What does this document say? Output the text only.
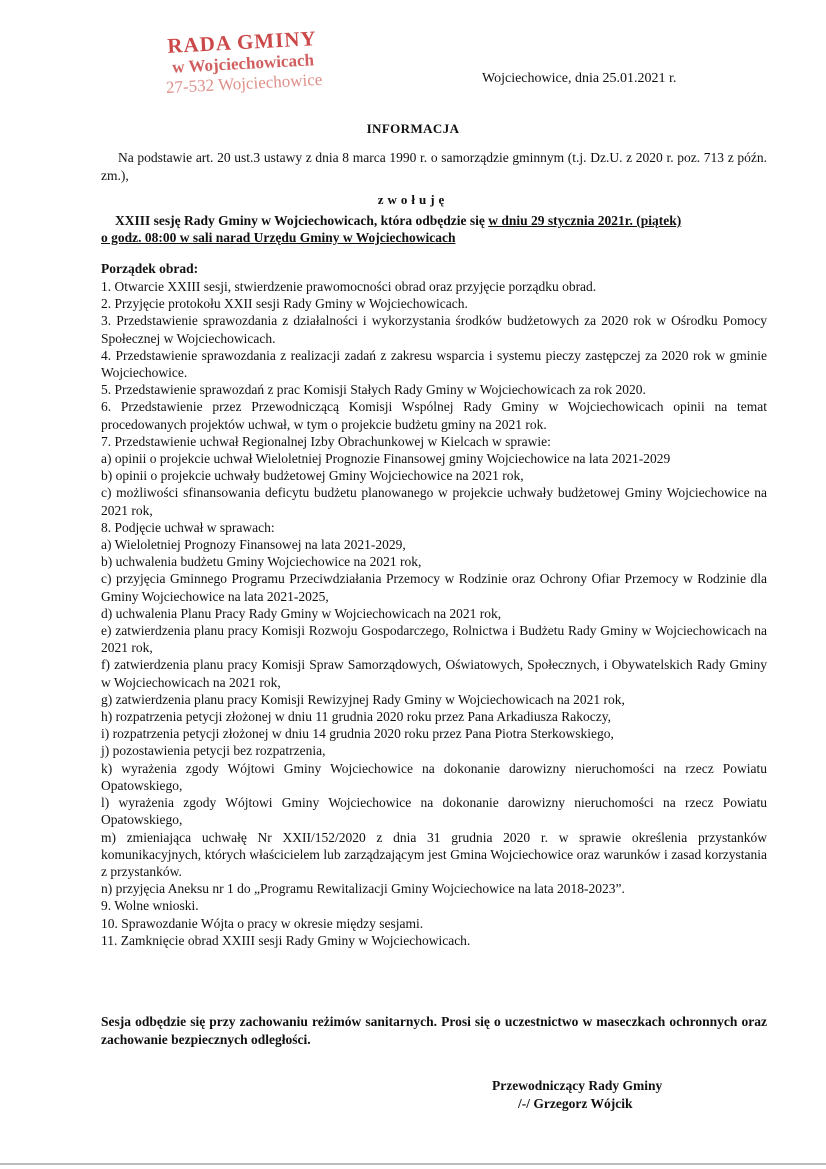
RADA GMINY
w Wojciechowicach
27-532 Wojciechowice	Wojciechowice, dnia 25.01.2021 r.
INFORMACJA
Na podstawie art. 20 ust.3 ustawy z dnia 8 marca 1990 r. o samorządzie gminnym (t.j. Dz.U. z 2020 r. poz. 713 z późn. zm.),
zwołuję
XXIII sesję Rady Gminy w Wojciechowicach, która odbędzie się w dniu 29 stycznia 2021r. (piątek)
o godz. 08:00 w sali narad Urzędu Gminy w Wojciechowicach
Porządek obrad:
1. Otwarcie XXIII sesji, stwierdzenie prawomocności obrad oraz przyjęcie porządku obrad.
2. Przyjęcie protokołu XXII sesji Rady Gminy w Wojciechowicach.
3. Przedstawienie sprawozdania z działalności i wykorzystania środków budżetowych za 2020 rok w Ośrodku Pomocy Społecznej w Wojciechowicach.
4. Przedstawienie sprawozdania z realizacji zadań z zakresu wsparcia i systemu pieczy zastępczej za 2020 rok w gminie Wojciechowice.
5. Przedstawienie sprawozdań z prac Komisji Stałych Rady Gminy w Wojciechowicach za rok 2020.
6. Przedstawienie przez Przewodniczącą Komisji Wspólnej Rady Gminy w Wojciechowicach opinii na temat procedowanych projektów uchwał, w tym o projekcie budżetu gminy na 2021 rok.
7. Przedstawienie uchwał Regionalnej Izby Obrachunkowej w Kielcach w sprawie:
a) opinii o projekcie uchwał Wieloletniej Prognozie Finansowej gminy Wojciechowice na lata 2021-2029
b) opinii o projekcie uchwały budżetowej Gminy Wojciechowice na 2021 rok,
c) możliwości sfinansowania deficytu budżetu planowanego w projekcie uchwały budżetowej Gminy Wojciechowice na 2021 rok,
8. Podjęcie uchwał w sprawach:
a) Wieloletniej Prognozy Finansowej na lata 2021-2029,
b) uchwalenia budżetu Gminy Wojciechowice na 2021 rok,
c) przyjęcia Gminnego Programu Przeciwdziałania Przemocy w Rodzinie oraz Ochrony Ofiar Przemocy w Rodzinie dla Gminy Wojciechowice na lata 2021-2025,
d) uchwalenia Planu Pracy Rady Gminy w Wojciechowicach na 2021 rok,
e) zatwierdzenia planu pracy Komisji Rozwoju Gospodarczego, Rolnictwa i Budżetu Rady Gminy w Wojciechowicach na 2021 rok,
f) zatwierdzenia planu pracy Komisji Spraw Samorządowych, Oświatowych, Społecznych, i Obywatelskich Rady Gminy w Wojciechowicach na 2021 rok,
g) zatwierdzenia planu pracy Komisji Rewizyjnej Rady Gminy w Wojciechowicach na 2021 rok,
h) rozpatrzenia petycji złożonej w dniu 11 grudnia 2020 roku przez Pana Arkadiusza Rakoczy,
i) rozpatrzenia petycji złożonej w dniu 14 grudnia 2020 roku przez Pana Piotra Sterkowskiego,
j) pozostawienia petycji bez rozpatrzenia,
k) wyrażenia zgody Wójtowi Gminy Wojciechowice na dokonanie darowizny nieruchomości na rzecz Powiatu Opatowskiego,
l) wyrażenia zgody Wójtowi Gminy Wojciechowice na dokonanie darowizny nieruchomości na rzecz Powiatu Opatowskiego,
m) zmieniająca uchwałę Nr XXII/152/2020 z dnia 31 grudnia 2020 r. w sprawie określenia przystanków komunikacyjnych, których właścicielem lub zarządzającym jest Gmina Wojciechowice oraz warunków i zasad korzystania z przystanków.
n) przyjęcia Aneksu nr 1 do „Programu Rewitalizacji Gminy Wojciechowice na lata 2018-2023”.
9. Wolne wnioski.
10. Sprawozdanie Wójta o pracy w okresie między sesjami.
11. Zamknięcie obrad XXIII sesji Rady Gminy w Wojciechowicach.
Sesja odbędzie się przy zachowaniu reżimów sanitarnych. Prosi się o uczestnictwo w maseczkach ochronnych oraz zachowanie bezpiecznych odległości.
Przewodniczący Rady Gminy
/-/ Grzegorz Wójcik
